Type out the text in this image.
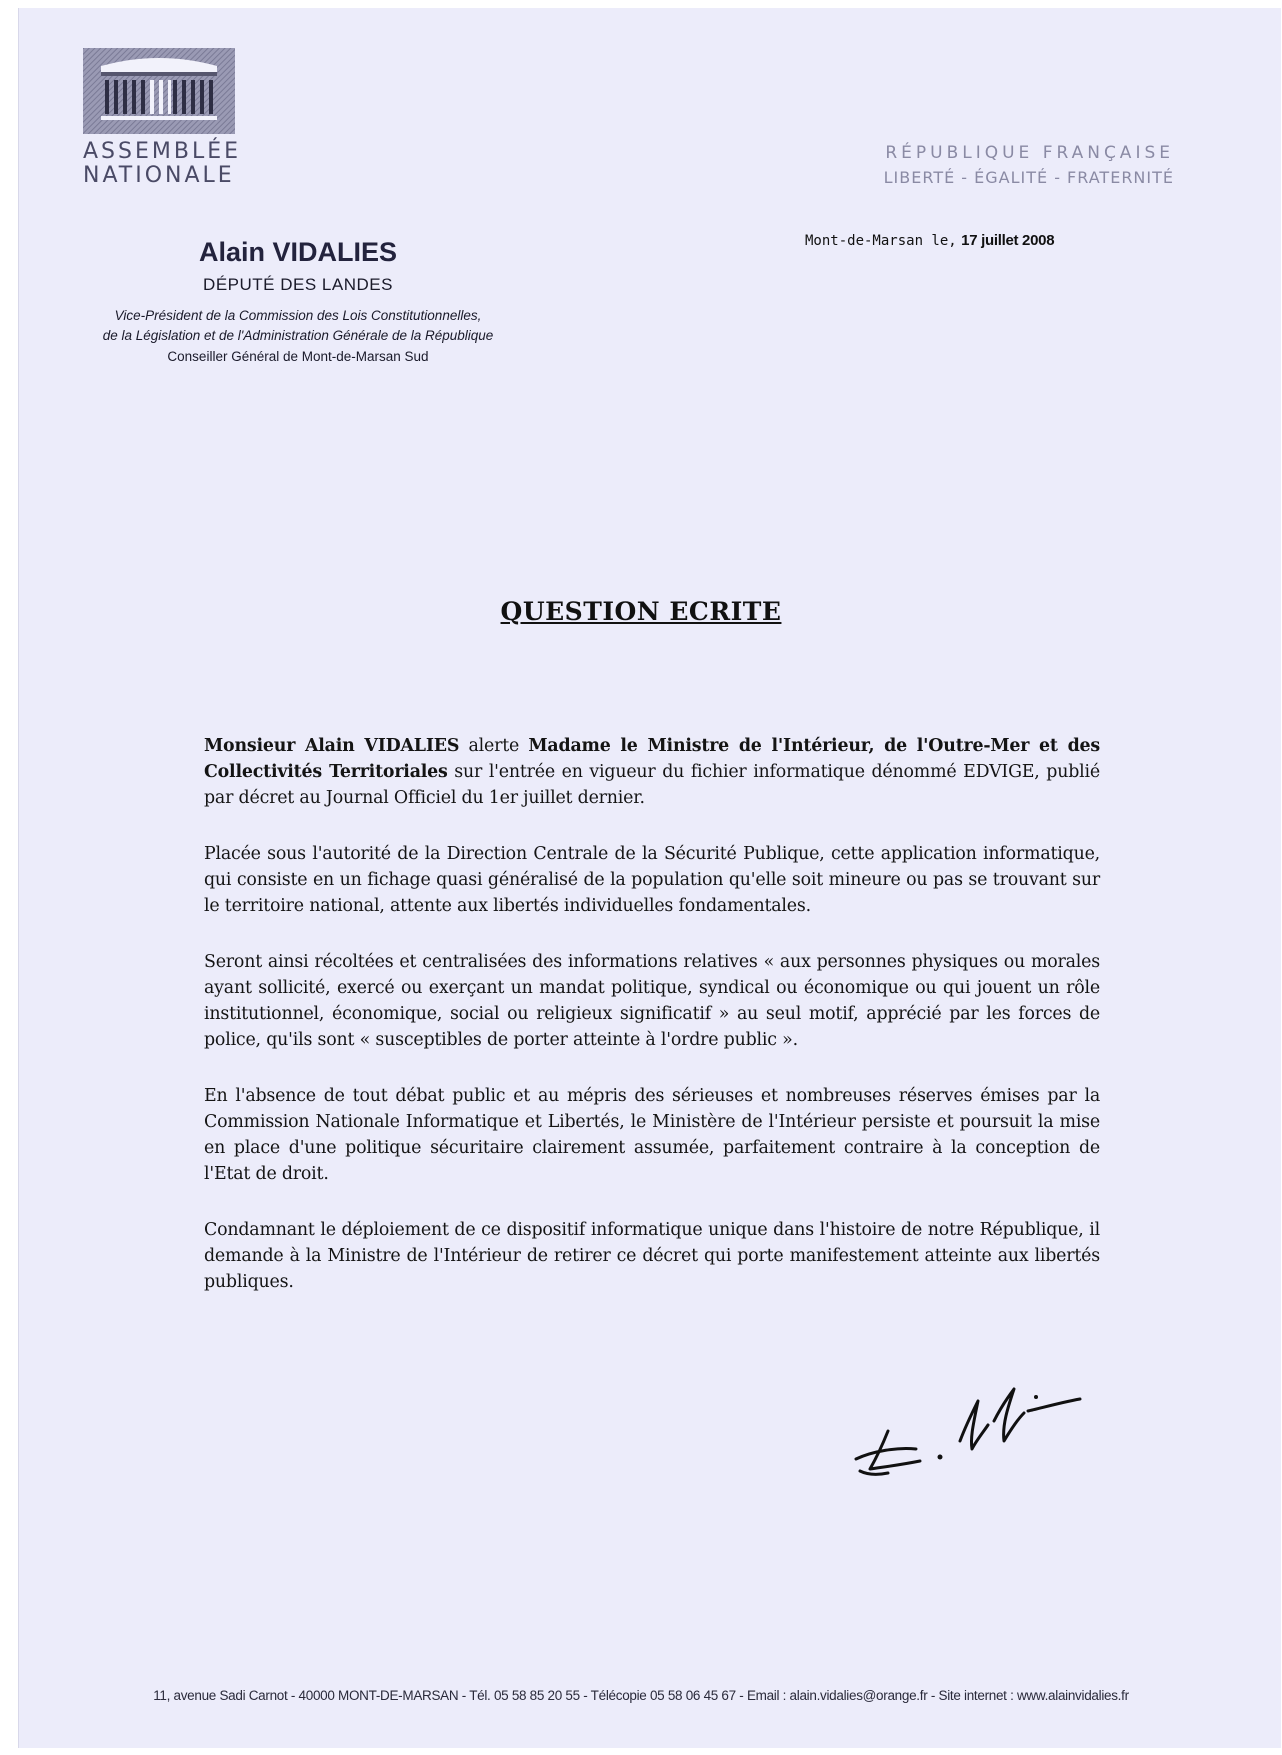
ASSEMBLÉE
NATIONALE
RÉPUBLIQUE FRANÇAISE
LIBERTÉ - ÉGALITÉ - FRATERNITÉ
Alain VIDALIES
DÉPUTÉ DES LANDES
Vice-Président de la Commission des Lois Constitutionnelles,
de la Législation et de l'Administration Générale de la République
Conseiller Général de Mont-de-Marsan Sud
Mont-de-Marsan le, 17 juillet 2008
QUESTION ECRITE

Monsieur Alain VIDALIES alerte Madame le Ministre de l'Intérieur, de l'Outre-Mer et des Collectivités Territoriales sur l'entrée en vigueur du fichier informatique dénommé EDVIGE, publié par décret au Journal Officiel du 1er juillet dernier.

Placée sous l'autorité de la Direction Centrale de la Sécurité Publique, cette application informatique, qui consiste en un fichage quasi généralisé de la population qu'elle soit mineure ou pas se trouvant sur le territoire national, attente aux libertés individuelles fondamentales.

Seront ainsi récoltées et centralisées des informations relatives « aux personnes physiques ou morales ayant sollicité, exercé ou exerçant un mandat politique, syndical ou économique ou qui jouent un rôle institutionnel, économique, social ou religieux significatif » au seul motif, apprécié par les forces de police, qu'ils sont « susceptibles de porter atteinte à l'ordre public ».

En l'absence de tout débat public et au mépris des sérieuses et nombreuses réserves émises par la Commission Nationale Informatique et Libertés, le Ministère de l'Intérieur persiste et poursuit la mise en place d'une politique sécuritaire clairement assumée, parfaitement contraire à la conception de l'Etat de droit.

Condamnant le déploiement de ce dispositif informatique unique dans l'histoire de notre République, il demande à la Ministre de l'Intérieur de retirer ce décret qui porte manifestement atteinte aux libertés publiques.

11, avenue Sadi Carnot - 40000 MONT-DE-MARSAN - Tél. 05 58 85 20 55 - Télécopie 05 58 06 45 67 - Email : alain.vidalies@orange.fr - Site internet : www.alainvidalies.fr
